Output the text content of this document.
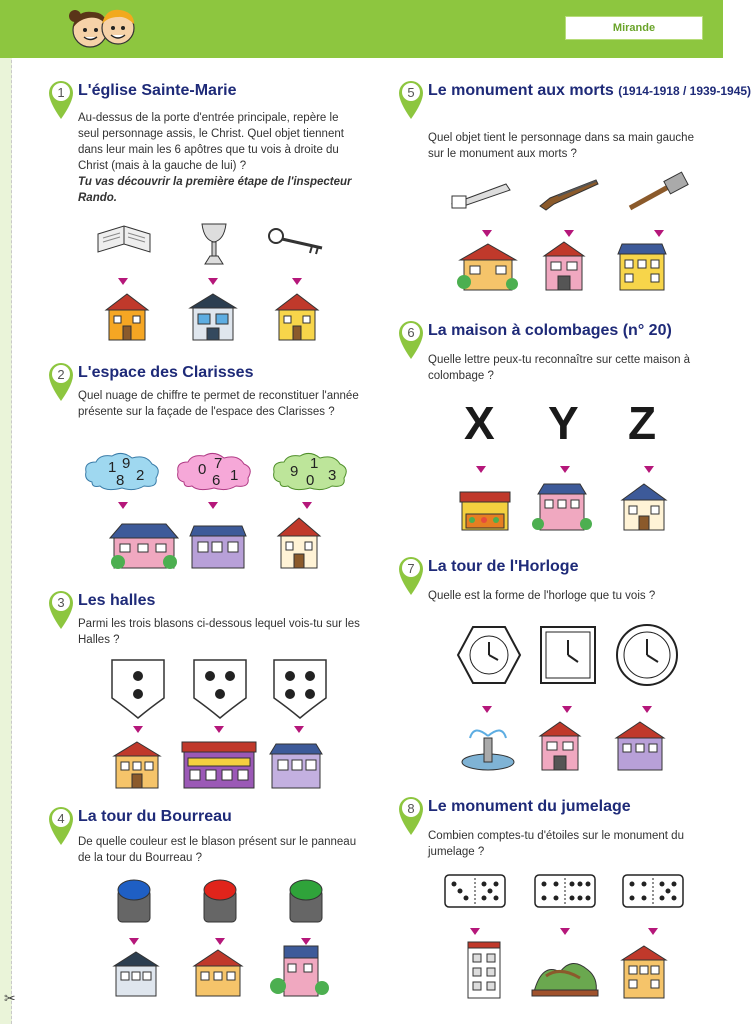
✂
Mirande
1 L'église Sainte-Marie
Au-dessus de la porte d'entrée principale, repère le seul personnage assis, le Christ. Quel objet tiennent dans leur main les 6 apôtres que tu vois à droite du Christ (mais à la gauche de lui) ?
Tu vas découvrir la première étape de l'inspecteur Rando.
2 L'espace des Clarisses
Quel nuage de chiffre te permet de reconstituer l'année présente sur la façade de l'espace des Clarisses ?
1 9
8 2	0 7
6 1	9 1
0 3
3 Les halles
Parmi les trois blasons ci-dessous lequel vois-tu sur les Halles ?
4 La tour du Bourreau
De quelle couleur est le blason présent sur le panneau de la tour du Bourreau ?
5 Le monument aux morts (1914-1918 / 1939-1945)
Quel objet tient le personnage dans sa main gauche sur le monument aux morts ?
6 La maison à colombages (n° 20)
Quelle lettre peux-tu reconnaître sur cette maison à colombage ?
X Y Z
7 La tour de l'Horloge
Quelle est la forme de l'horloge que tu vois ?
8 Le monument du jumelage
Combien comptes-tu d'étoiles sur le monument du jumelage ?
